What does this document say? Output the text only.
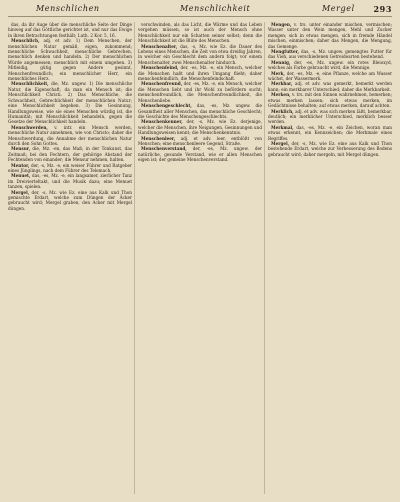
Menschlichen	Menschlichkeit	Mergel 293

das, da ihr Auge über die menschliche Seite der Dinge hinweg auf das Göttliche gerichtet ist, und nur das Ewige in ihren Betrachtungen festhält; Luth. 2 Kor. 5, 16.

Menschlich, adj. et adv. 1) Dem Menschen, der menschlichen Natur gemäß, eigen, zukommend; menschliche Schwachheit, menschliche Gebrechen, menschlich denken und handeln. 2) Der menschlichen Würde angemessen; menschlich mit einem umgehen. 3) Mitleidig, gütig gegen Andere gesinnt, Menschenfreundlich; ein menschlicher Herr, ein menschliches Herz.

Menschlichkeit, die, Mz. ungew. 1) Die menschliche Natur, die Eigenschaft, da man ein Mensch ist; die Menschlichkeit Christi. 2) Das Menschliche, die Schwachheit, Gebrechlichkeit der menschlichen Natur; eine Menschlichkeit begehen. 3) Die Gesinnung, Handlungsweise, wie sie eines Menschen würdig ist, die Humanität; mit Menschlichkeit behandeln, gegen die Gesetze der Menschlichkeit handeln.

Menschwerden, v. intr. ein Mensch werden, menschliche Natur annehmen, wie von Christo; daher die Menschwerdung, die Annahme der menschlichen Natur durch den Sohn Gottes.

Mensur, die, Mz. -en, das Maß; in der Tonkunst, das Zeitmaß; bei den Fechtern, der gehörige Abstand der Fechtenden von einander; die Mensur nehmen, halten.

Mentor, der, -s, Mz. -e, ein weiser Führer und Ratgeber eines Jünglings, nach dem Führer des Telemach.

Menuet, das, -es, Mz. -e, ein langsamer, zierlicher Tanz im Dreivierteltakt, und die Musik dazu; eine Menuet tanzen, spielen.

Mergel, der, -s, Mz. wie Ez. eine aus Kalk und Thon gemischte Erdart, welche zum Düngen der Äcker gebraucht wird; Mergel graben, den Acker mit Mergel düngen.

verschwinden, als das Licht, die Wärme und das Leben vergehen müssen, so ist auch der Mensch ohne Menschlichkeit nur ein Schatten seiner selbst; denn die Menschlichkeit ist die Blüte des Menschen.

Menschenalter, das, -s, Mz. wie Ez. die Dauer des Lebens eines Menschen, die Zeit von etwa dreißig Jahren, in welcher ein Geschlecht dem andern folgt; vor einem Menschenalter, zwei Menschenalter hindurch.

Menschenfeind, der, -es, Mz. -e, ein Mensch, welcher die Menschen haßt und ihren Umgang flieht; daher menschenfeindlich, die Menschenfeindschaft.

Menschenfreund, der, -es, Mz. -e, ein Mensch, welcher die Menschen liebt und ihr Wohl zu befördern sucht; menschenfreundlich, die Menschenfreundlichkeit, die Menschenliebe.

Menschengeschlecht, das, -es, Mz. ungew. die Gesamtheit aller Menschen, das menschliche Geschlecht; die Geschichte des Menschengeschlechts.

Menschenkenner, der, -s, Mz. wie Ez. derjenige, welcher die Menschen, ihre Neigungen, Gesinnungen und Handlungsweisen kennt; die Menschenkenntnis.

Menschenleer, adj. et adv. leer, entblößt von Menschen; eine menschenleere Gegend, Straße.

Menschenverstand, der, -es, Mz. ungew. der natürliche, gesunde Verstand, wie er allen Menschen eigen ist; der gemeine Menschenverstand.

Mengen, v. trs. unter einander mischen, vermischen; Wasser unter den Wein mengen, Mehl und Zucker mengen; sich in etwas mengen, sich in fremde Händel mischen, einmischen; daher das Mengen, die Mengung, das Gemenge.

Mengfutter, das, -s, Mz. ungew. gemengtes Futter für das Vieh, aus verschiedenen Getreidearten bestehend.

Mennig, der, -es, Mz. ungew. ein rotes Bleioxyd, welches als Farbe gebraucht wird, die Mennige.

Merk, der, -es, Mz. -e, eine Pflanze, welche am Wasser wächst, der Wassermerk.

Merkbar, adj. et adv. was gemerkt, bemerkt werden kann; ein merkbarer Unterschied; daher die Merkbarkeit.

Merken, v. trs. mit den Sinnen wahrnehmen, bemerken; etwas merken lassen; sich etwas merken, im Gedächtnisse behalten; auf etwas merken, darauf achten.

Merklich, adj. et adv. was sich merken läßt, bemerkbar, deutlich; ein merklicher Unterschied, merklich besser werden.

Merkmal, das, -es, Mz. -e, ein Zeichen, woran man etwas erkennt, ein Kennzeichen; die Merkmale eines Begriffes.

Mergel, der, -s, Mz. wie Ez. eine aus Kalk und Thon bestehende Erdart, welche zur Verbesserung des Bodens gebraucht wird; daher mergeln, mit Mergel düngen.
